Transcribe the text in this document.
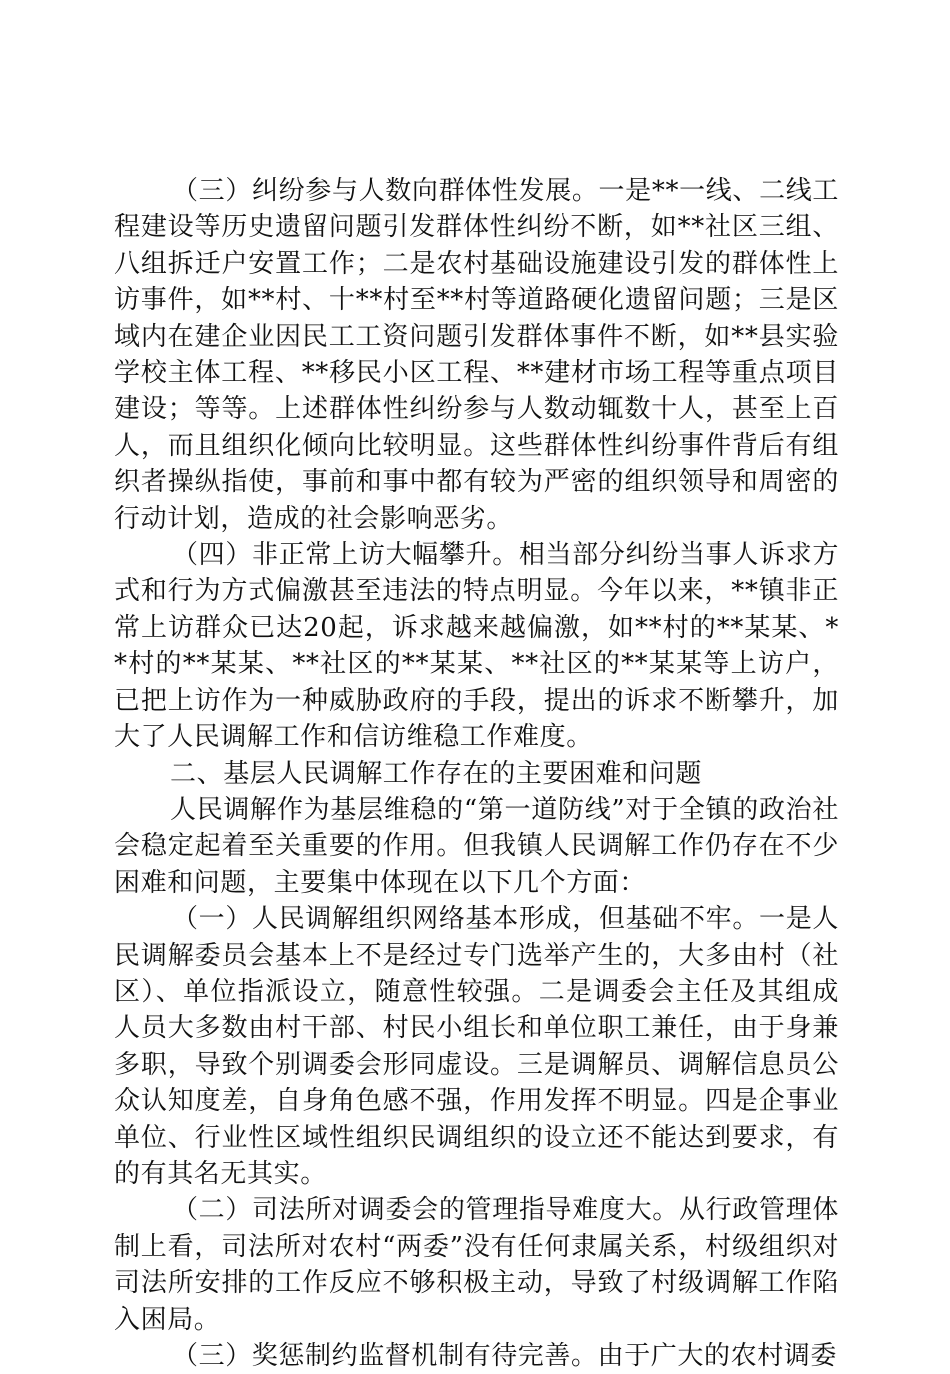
（三）纠纷参与人数向群体性发展。一是**一线、二线工程建设等历史遗留问题引发群体性纠纷不断，如**社区三组、八组拆迁户安置工作；二是农村基础设施建设引发的群体性上访事件，如**村、十**村至**村等道路硬化遗留问题；三是区域内在建企业因民工工资问题引发群体事件不断，如**县实验学校主体工程、**移民小区工程、**建材市场工程等重点项目建设；等等。上述群体性纠纷参与人数动辄数十人，甚至上百人，而且组织化倾向比较明显。这些群体性纠纷事件背后有组织者操纵指使，事前和事中都有较为严密的组织领导和周密的行动计划，造成的社会影响恶劣。

（四）非正常上访大幅攀升。相当部分纠纷当事人诉求方式和行为方式偏激甚至违法的特点明显。今年以来，**镇非正常上访群众已达20起，诉求越来越偏激，如**村的**某某、**村的**某某、**社区的**某某、**社区的**某某等上访户，已把上访作为一种威胁政府的手段，提出的诉求不断攀升，加大了人民调解工作和信访维稳工作难度。

二、基层人民调解工作存在的主要困难和问题

人民调解作为基层维稳的“第一道防线”对于全镇的政治社会稳定起着至关重要的作用。但我镇人民调解工作仍存在不少困难和问题，主要集中体现在以下几个方面：

（一）人民调解组织网络基本形成，但基础不牢。一是人民调解委员会基本上不是经过专门选举产生的，大多由村（社区）、单位指派设立，随意性较强。二是调委会主任及其组成人员大多数由村干部、村民小组长和单位职工兼任，由于身兼多职，导致个别调委会形同虚设。三是调解员、调解信息员公众认知度差，自身角色感不强，作用发挥不明显。四是企事业单位、行业性区域性组织民调组织的设立还不能达到要求，有的有其名无其实。

（二）司法所对调委会的管理指导难度大。从行政管理体制上看，司法所对农村“两委”没有任何隶属关系，村级组织对司法所安排的工作反应不够积极主动，导致了村级调解工作陷入困局。

（三）奖惩制约监督机制有待完善。由于广大的农村调委
